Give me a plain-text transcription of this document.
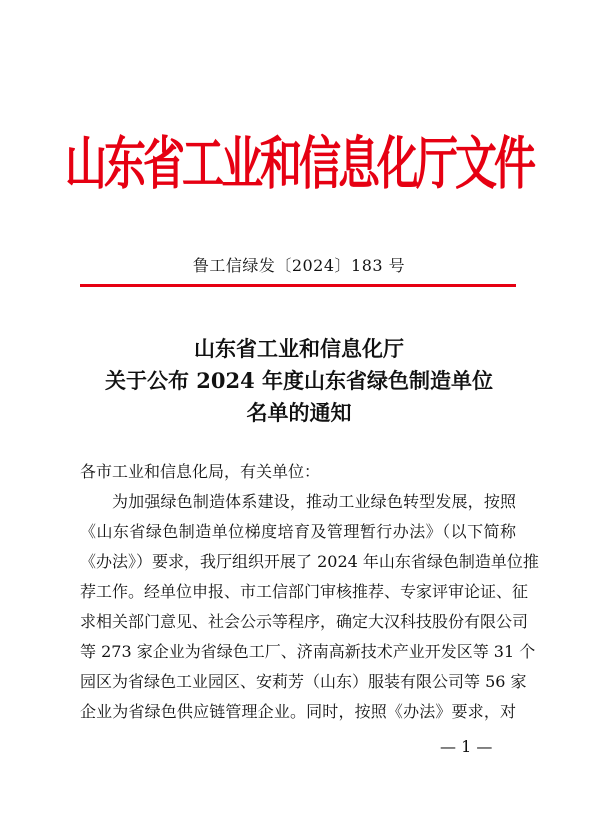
山东省工业和信息化厅文件
鲁工信绿发〔2024〕183 号
山东省工业和信息化厅
关于公布 2024 年度山东省绿色制造单位
名单的通知
各市工业和信息化局，有关单位：
为加强绿色制造体系建设，推动工业绿色转型发展，按照
《山东省绿色制造单位梯度培育及管理暂行办法》（以下简称
《办法》）要求，我厅组织开展了 2024 年山东省绿色制造单位推
荐工作。经单位申报、市工信部门审核推荐、专家评审论证、征
求相关部门意见、社会公示等程序，确定大汉科技股份有限公司
等 273 家企业为省绿色工厂、济南高新技术产业开发区等 31 个
园区为省绿色工业园区、安莉芳（山东）服装有限公司等 56 家
企业为省绿色供应链管理企业。同时，按照《办法》要求，对
— 1 —
